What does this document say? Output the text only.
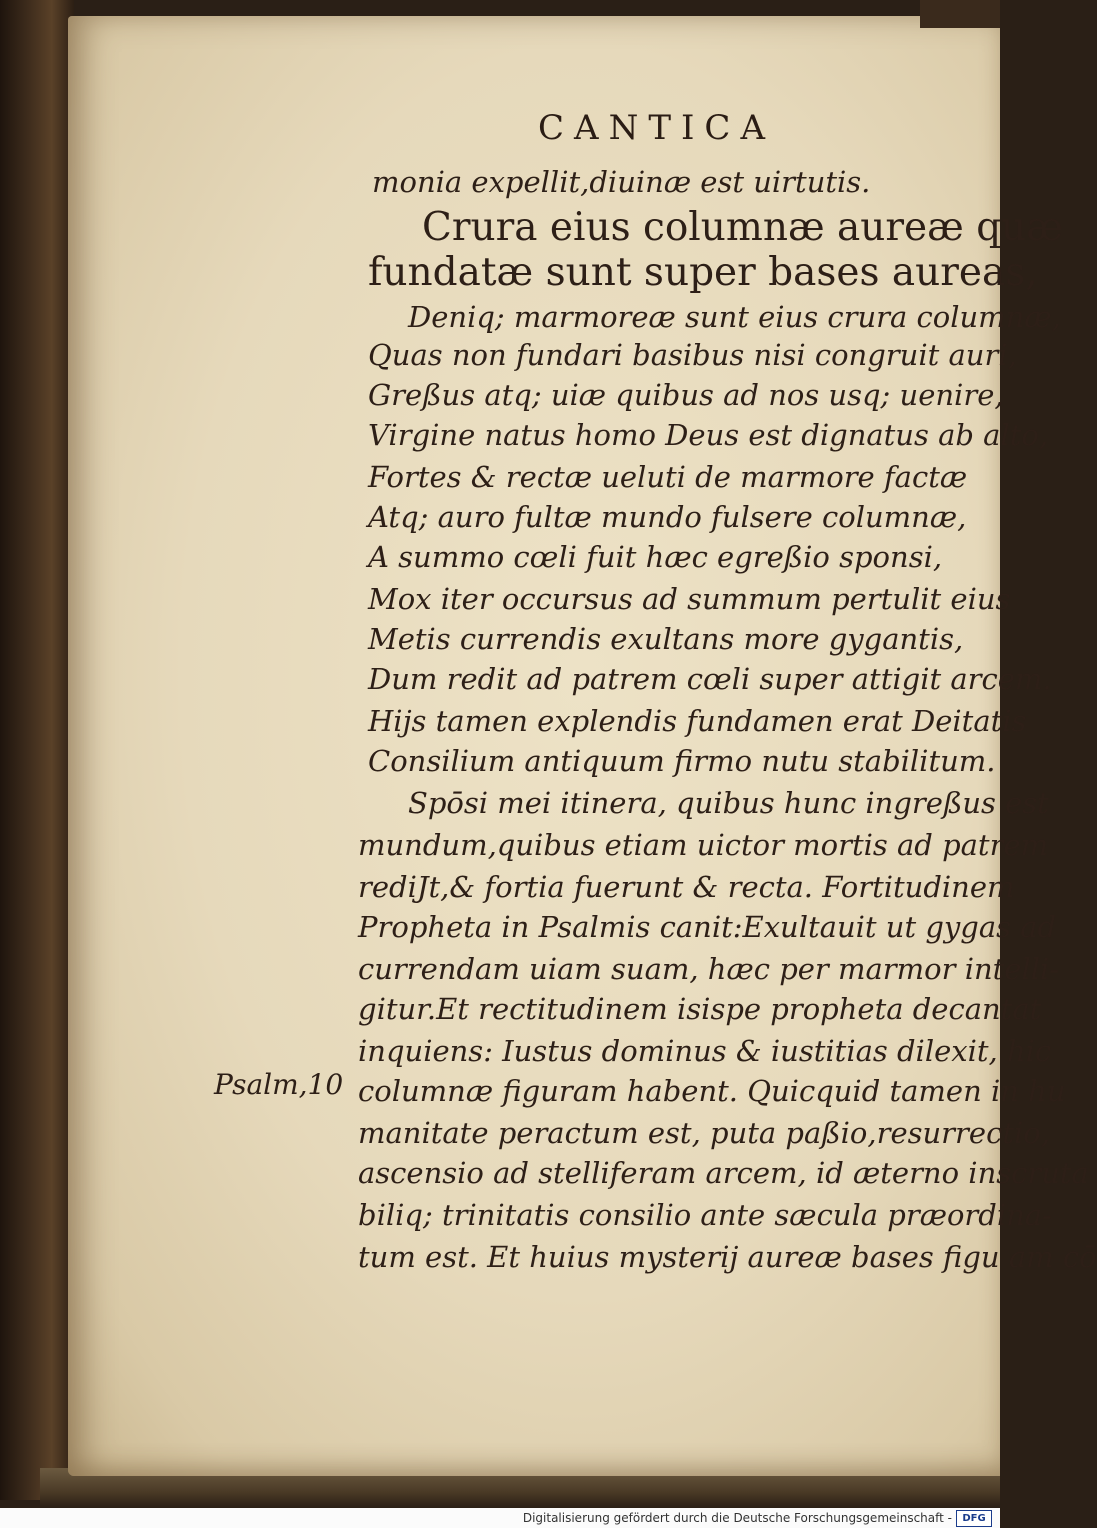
CANTICA
monia expellit,diuinæ est uirtutis.
Crura eius columnæ aureæ quæ
fundatæ sunt super bases aureas,
Deniq; marmoreæ sunt eius crura columnæ,
Quas non fundari basibus nisi congruit auri,
Greßus atq; uiæ quibus ad nos usq; uenire,
Virgine natus homo Deus est dignatus ab alto,
Fortes & rectæ ueluti de marmore factæ
Atq; auro fultæ mundo fulsere columnæ,
A summo cœli fuit hæc egreßio sponsi,
Mox iter occursus ad summum pertulit eius
Metis currendis exultans more gygantis,
Dum redit ad patrem cœli super attigit arcem.
Hijs tamen explendis fundamen erat Deitatis
Consilium antiquum firmo nutu stabilitum.
Spōsi mei itinera, quibus hunc ingreßus est
mundum,quibus etiam uictor mortis ad patrem
rediJt,& fortia fuerunt & recta. Fortitudinem
Propheta in Psalmis canit:Exultauit ut gygas ad
currendam uiam suam, hæc per marmor intelli-
gitur.Et rectitudinem isispe propheta decantat
inquiens: Iustus dominus & iustitias dilexit, hic
columnæ figuram habent. Quicquid tamen in hu
manitate peractum est, puta paßio,resurrectio,
ascensio ad stelliferam arcem, id æterno inscruta
biliq; trinitatis consilio ante sæcula præordina-
tum est. Et huius mysterij aureæ bases figu am cō
Psalm,10
Digitalisierung gefördert durch die Deutsche Forschungsgemeinschaft -	DFG
